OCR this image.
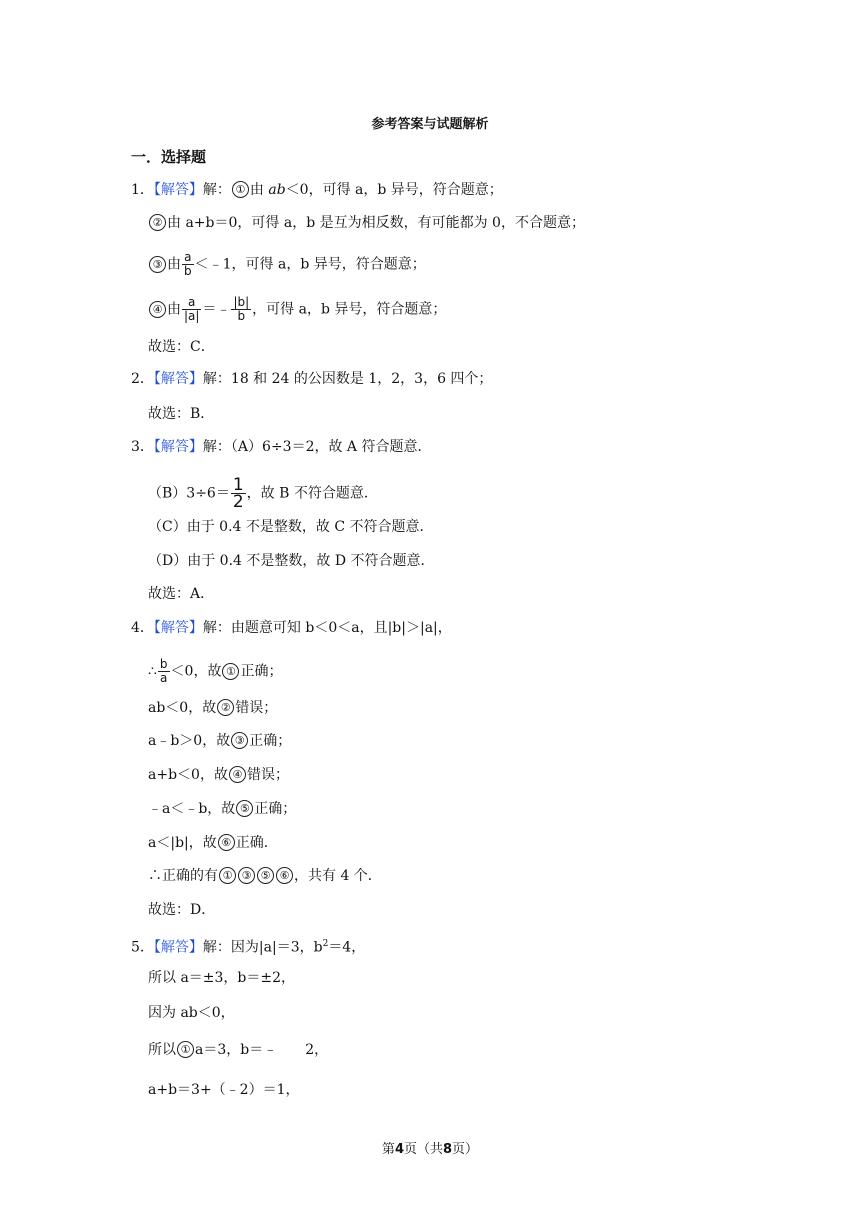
参考答案与试题解析
一．选择题
1．【解答】解： ① 由 ab＜0，可得 a，b 异号，符合题意；
② 由 a+b＝0，可得 a，b 是互为相反数，有可能都为 0，不合题意；
③ 由 $\frac{a}{b}$ ＜﹣1，可得 a，b 异号，符合题意；
④ 由 $\frac{a}{|a|}$ ＝﹣ $\frac{|b|}{b}$ ，可得 a，b 异号，符合题意；
故选：C．
2．【解答】解：18 和 24 的公因数是 1，2，3，6 四个；
故选：B．
3．【解答】解：（A）6÷3＝2，故 A 符合题意．
$(B)3\div 6= \frac{1}{2}$ ，故 B 不符合题意．
（C）由于 0.4 不是整数，故 C 不符合题意．
（D）由于 0.4 不是整数，故 D 不符合题意．
故选：A．
4．【解答】解：由题意可知 b＜0＜a，且|b|＞|a|，
∴ $\frac{b}{a} <0$，故 ① 正确；
ab＜0，故 ② 错误；
a﹣b＞0，故 ③ 正确；
a+b＜0，故 ④ 错误；
﹣a＜﹣b，故 ⑤ 正确；
a＜|b|，故 ⑥ 正确．
∴正确的有 ① ③ ⑤ ⑥ ，共有 4 个．
故选：D．
5．【解答】解：因为|a|＝3，$b^2=4$，
所以 a＝±3，b＝±2，
因为 ab＜0，
所以 ① a＝3，b＝﹣　　2，
a+b＝3+（﹣2）＝1，
第4页（共8页）
